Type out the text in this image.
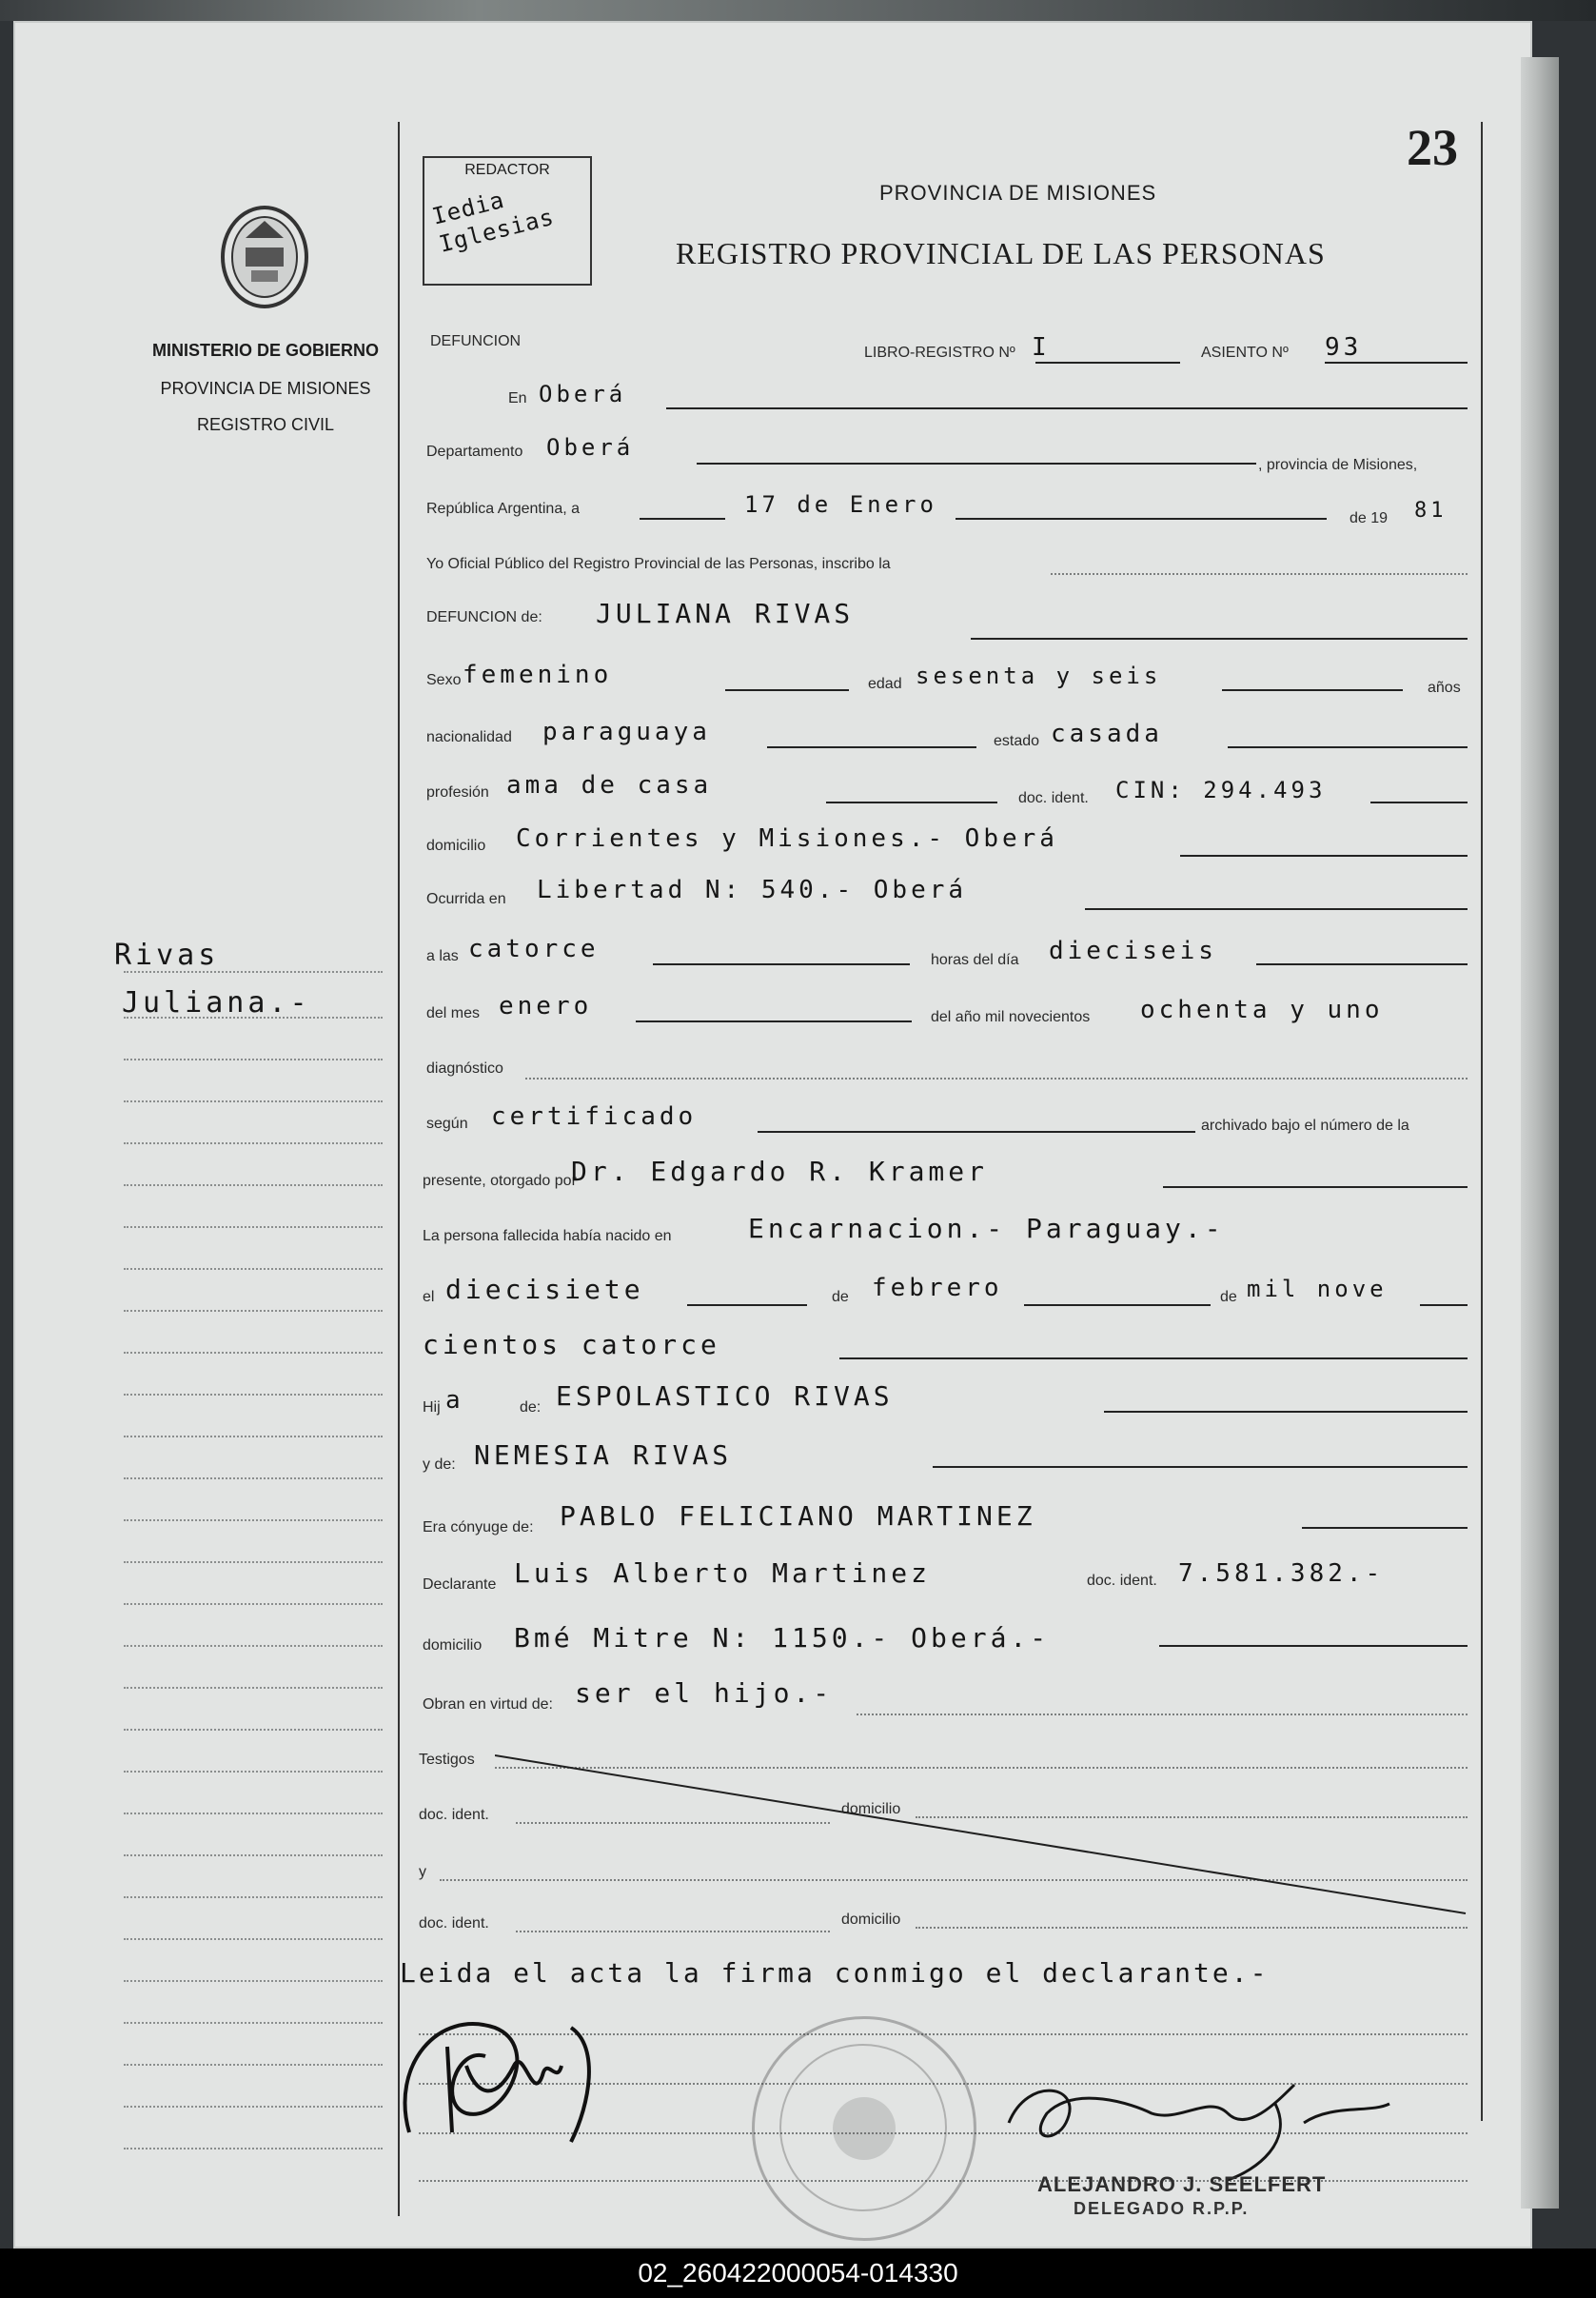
23
REDACTOR
Iedia Iglesias
PROVINCIA DE MISIONES
REGISTRO PROVINCIAL DE LAS PERSONAS
MINISTERIO DE GOBIERNO
PROVINCIA DE MISIONES
REGISTRO CIVIL
Rivas
Juliana.-
DEFUNCION
LIBRO-REGISTRO Nº I	ASIENTO Nº 93
En Oberá
Departamento Oberá
, provincia de Misiones,
República Argentina, a	17 de Enero
de 19 81
Yo Oficial Público del Registro Provincial de las Personas, inscribo la
DEFUNCION de: JULIANA RIVAS
Sexo femenino	edad sesenta y seis	años
nacionalidad paraguaya	estado casada
profesión ama de casa	doc. ident. CIN: 294.493
domicilio Corrientes y Misiones.- Oberá
Ocurrida en Libertad N: 540.- Oberá
a las catorce	horas del día dieciseis
del mes enero	del año mil novecientos ochenta y uno
diagnóstico
según certificado	archivado bajo el número de la
presente, otorgado por
Dr. Edgardo R. Kramer
La persona fallecida había nacido en	Encarnacion.- Paraguay.-
el diecisiete	de febrero	de mil nove
cientos catorce
Hij a	de: ESPOLASTICO RIVAS
y de: NEMESIA RIVAS
Era cónyuge de: PABLO FELICIANO MARTINEZ
Declarante Luis Alberto Martinez	doc. ident. 7.581.382.-
domicilio Bmé Mitre N: 1150.- Oberá.-
Obran en virtud de: ser el hijo.-
Testigos
doc. ident.	domicilio
y
doc. ident.	domicilio
Leida el acta la firma conmigo el declarante.-
ALEJANDRO J. SEELFERT
DELEGADO R.P.P.
02_260422000054-014330
